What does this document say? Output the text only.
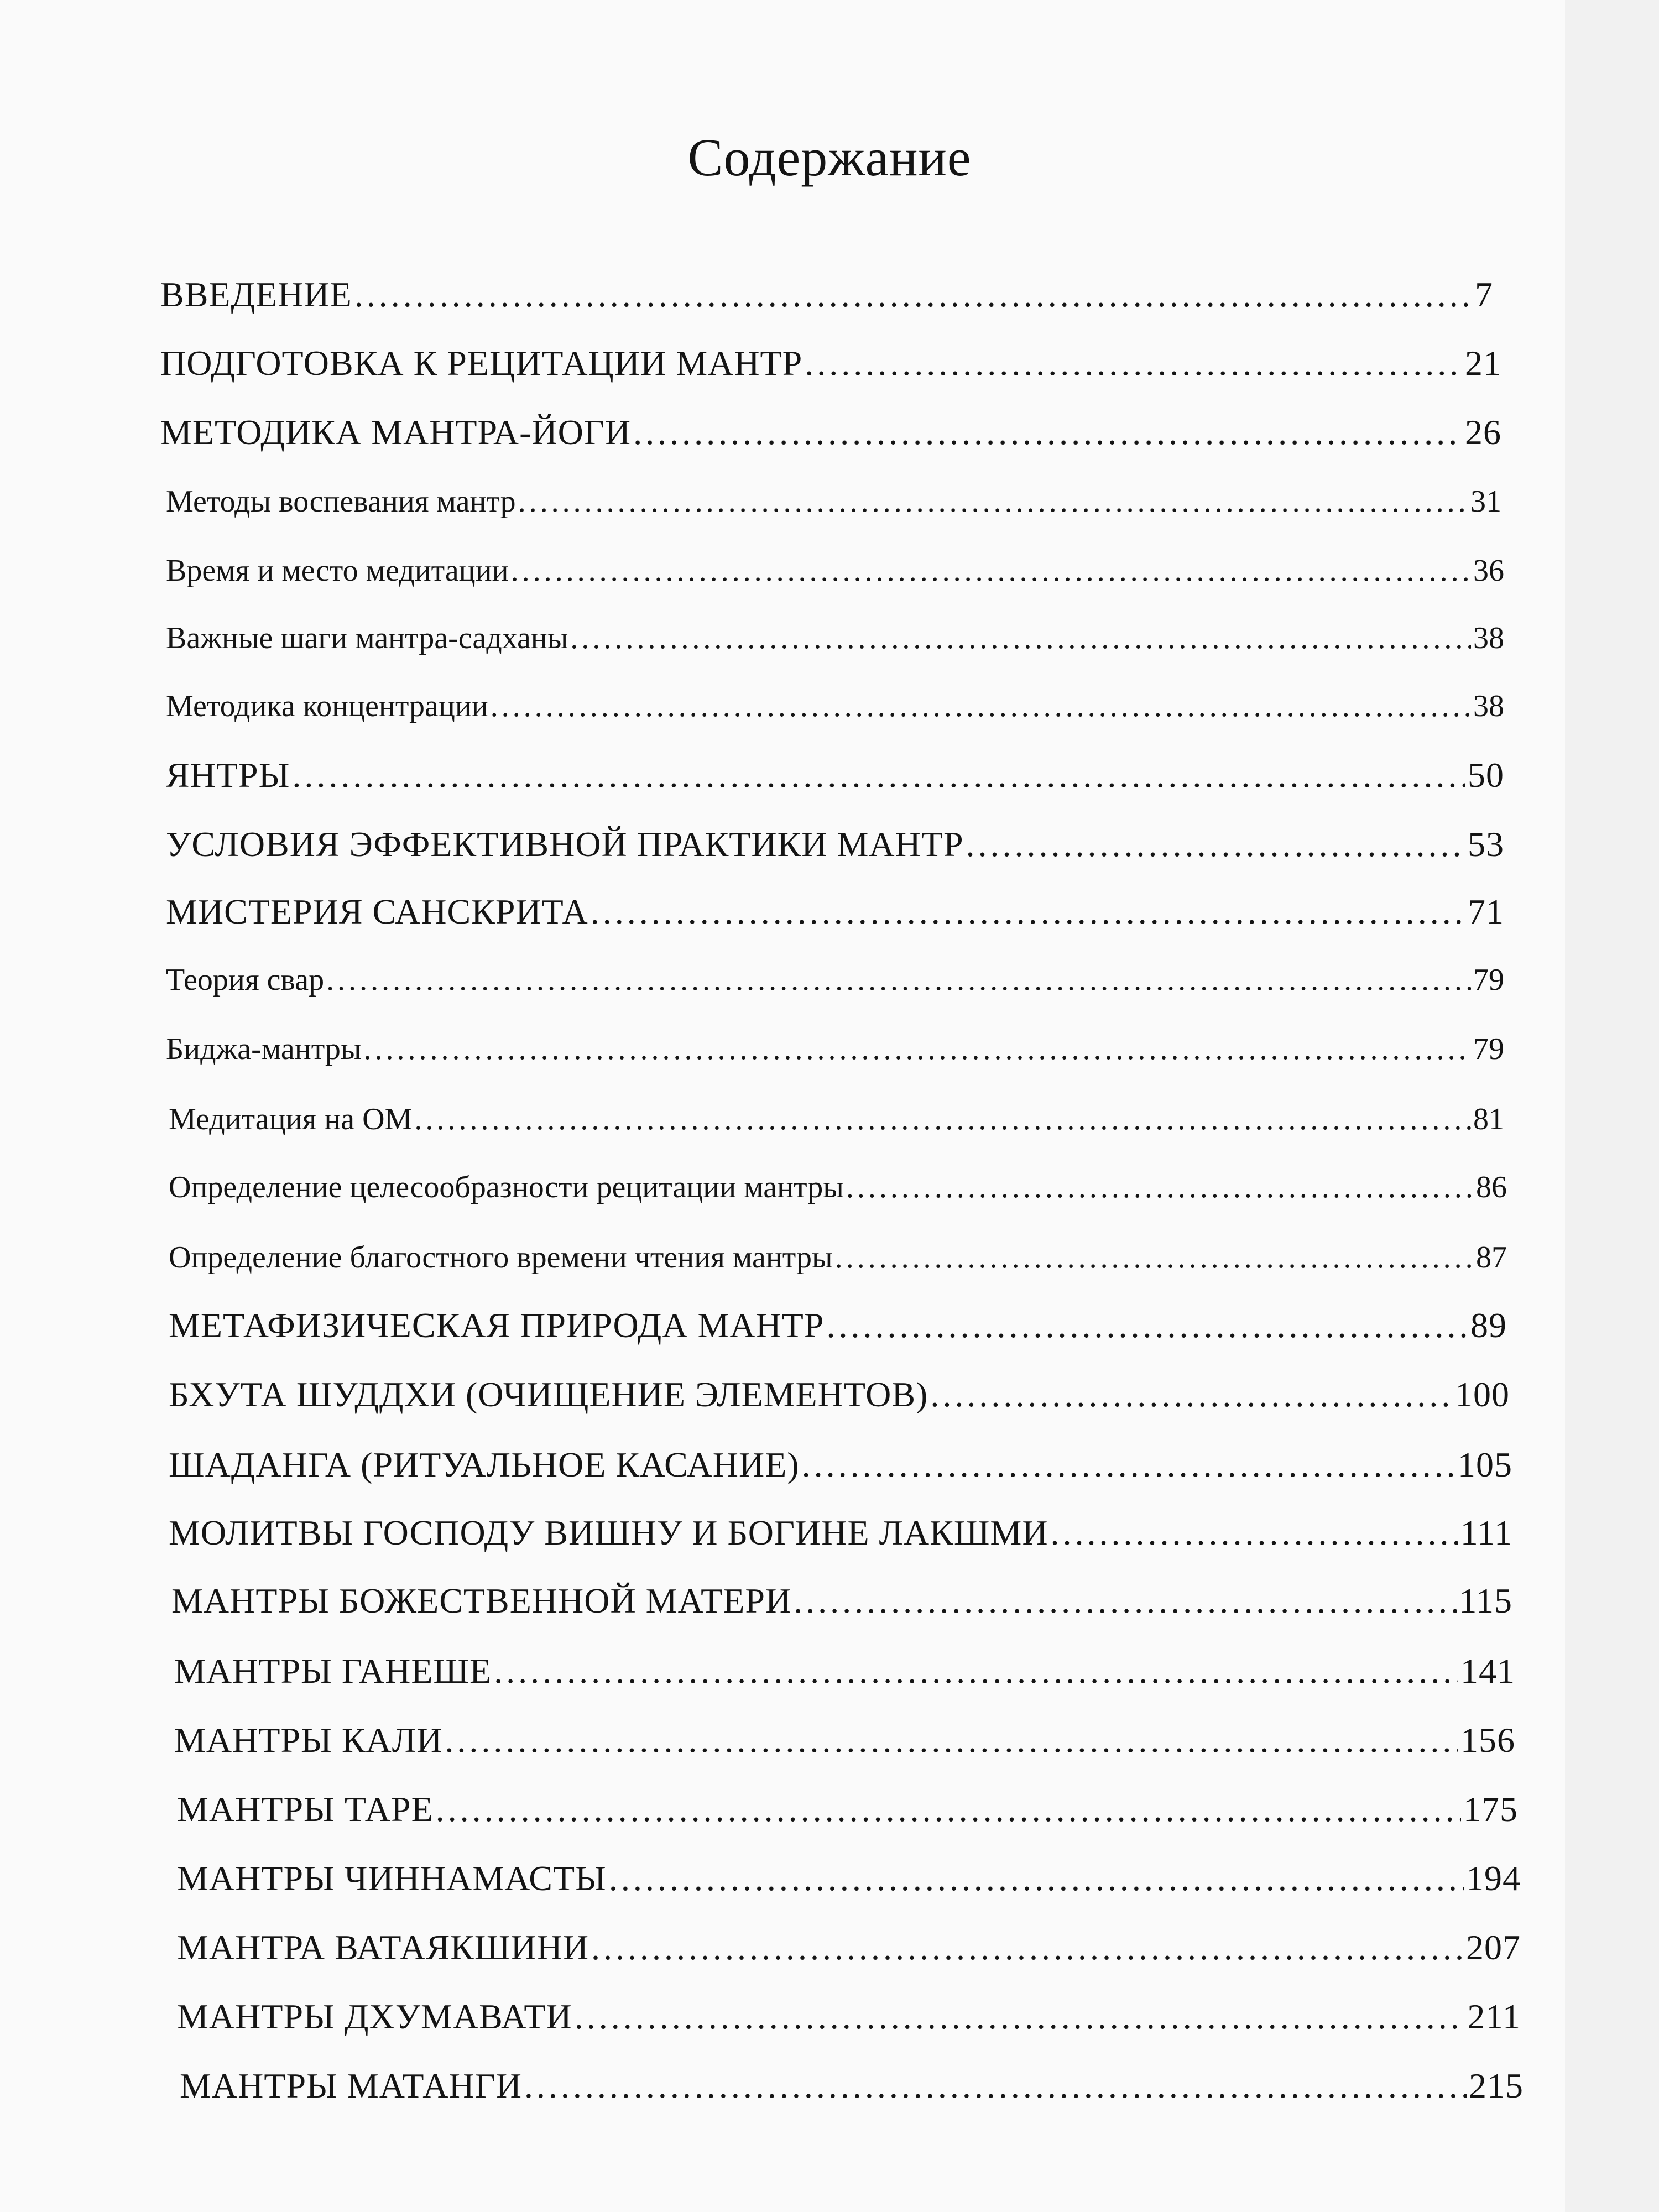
Содержание
ВВЕДЕНИЕ .....	7
ПОДГОТОВКА К РЕЦИТАЦИИ МАНТР .....	21
МЕТОДИКА МАНТРА-ЙОГИ .....	26
Методы воспевания мантр .....	31
Время и место медитации .....	36
Важные шаги мантра-садханы .....	38
Методика концентрации .....	38
ЯНТРЫ .....	50
УСЛОВИЯ ЭФФЕКТИВНОЙ ПРАКТИКИ МАНТР .....	53
МИСТЕРИЯ САНСКРИТА .....	71
Теория свар .....	79
Биджа-мантры .....	79
Медитация на ОМ .....	81
Определение целесообразности рецитации мантры .....	86
Определение благостного времени чтения мантры .....	87
МЕТАФИЗИЧЕСКАЯ ПРИРОДА МАНТР .....	89
БХУТА ШУДДХИ (ОЧИЩЕНИЕ ЭЛЕМЕНТОВ) .....	100
ШАДАНГА (РИТУАЛЬНОЕ КАСАНИЕ) .....	105
МОЛИТВЫ ГОСПОДУ ВИШНУ И БОГИНЕ ЛАКШМИ .....	111
МАНТРЫ БОЖЕСТВЕННОЙ МАТЕРИ .....	115
МАНТРЫ ГАНЕШЕ .....	141
МАНТРЫ КАЛИ .....	156
МАНТРЫ ТАРЕ .....	175
МАНТРЫ ЧИННАМАСТЫ .....	194
МАНТРА ВАТАЯКШИНИ .....	207
МАНТРЫ ДХУМАВАТИ .....	211
МАНТРЫ МАТАНГИ .....	215
